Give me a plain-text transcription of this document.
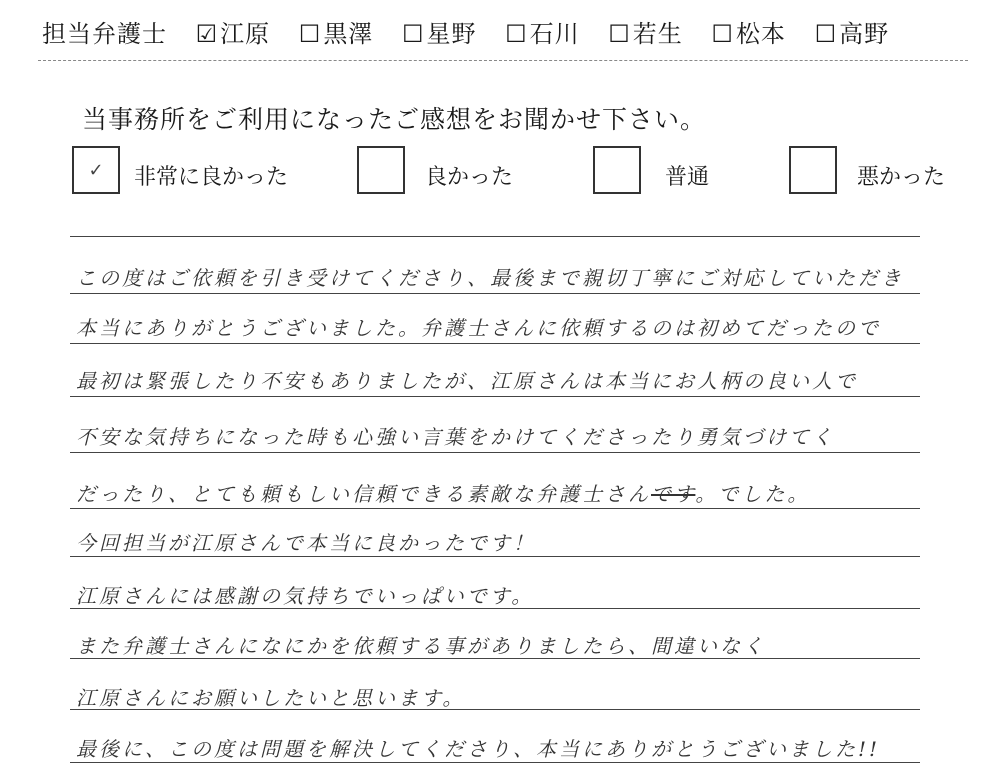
担当弁護士 ☑江原 ☐黒澤 ☐星野 ☐石川 ☐若生 ☐松本 ☐高野
当事務所をご利用になったご感想をお聞かせ下さい。
✓	非常に良かった	良かった	普通	悪かった
この度はご依頼を引き受けてくださり、最後まで親切丁寧にご対応していただき
本当にありがとうございました。弁護士さんに依頼するのは初めてだったので
最初は緊張したり不安もありましたが、江原さんは本当にお人柄の良い人で
不安な気持ちになった時も心強い言葉をかけてくださったり勇気づけてく
だったり、とても頼もしい信頼できる素敵な弁護士さんです。でした。
今回担当が江原さんで本当に良かったです！
江原さんには感謝の気持ちでいっぱいです。
また弁護士さんになにかを依頼する事がありましたら、間違いなく
江原さんにお願いしたいと思います。
最後に、この度は問題を解決してくださり、本当にありがとうございました!!
